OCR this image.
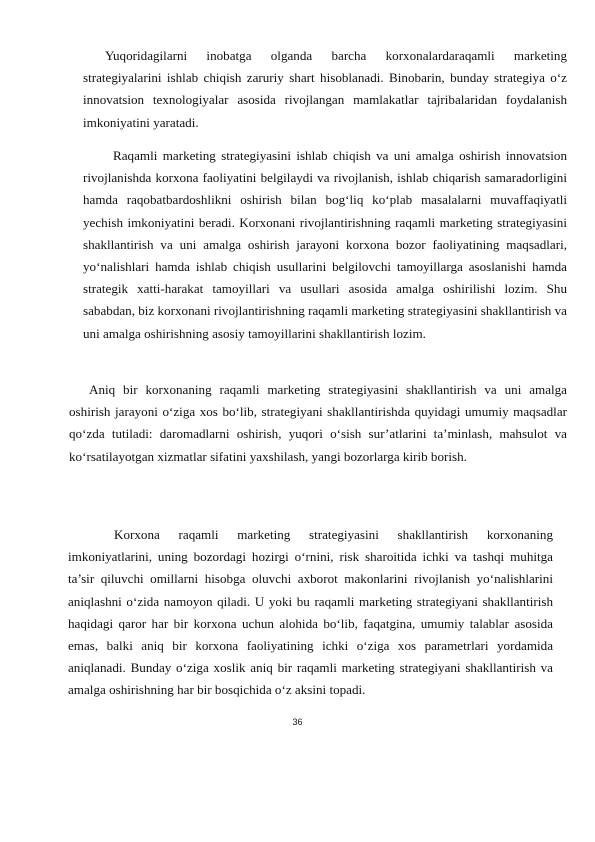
Yuqoridagilarni inobatga olganda barcha korxonalardaraqamli marketing strategiyalarini ishlab chiqish zaruriy shart hisoblanadi. Binobarin, bunday strategiya o‘z innovatsion texnologiyalar asosida rivojlangan mamlakatlar tajribalaridan foydalanish imkoniyatini yaratadi.

Raqamli marketing strategiyasini ishlab chiqish va uni amalga oshirish innovatsion rivojlanishda korxona faoliyatini belgilaydi va rivojlanish, ishlab chiqarish samaradorligini hamda raqobatbardoshlikni oshirish bilan bog‘liq ko‘plab masalalarni muvaffaqiyatli yechish imkoniyatini beradi. Korxonani rivojlantirishning raqamli marketing strategiyasini shakllantirish va uni amalga oshirish jarayoni korxona bozor faoliyatining maqsadlari, yo‘nalishlari hamda ishlab chiqish usullarini belgilovchi tamoyillarga asoslanishi hamda strategik xatti-harakat tamoyillari va usullari asosida amalga oshirilishi lozim. Shu sababdan, biz korxonani rivojlantirishning raqamli marketing strategiyasini shakllantirish va uni amalga oshirishning asosiy tamoyillarini shakllantirish lozim.

Aniq bir korxonaning raqamli marketing strategiyasini shakllantirish va uni amalga oshirish jarayoni o‘ziga xos bo‘lib, strategiyani shakllantirishda quyidagi umumiy maqsadlar qo‘zda tutiladi: daromadlarni oshirish, yuqori o‘sish sur’atlarini ta’minlash, mahsulot va ko‘rsatilayotgan xizmatlar sifatini yaxshilash, yangi bozorlarga kirib borish.

Korxona raqamli marketing strategiyasini shakllantirish korxonaning imkoniyatlarini, uning bozordagi hozirgi o‘rnini, risk sharoitida ichki va tashqi muhitga ta’sir qiluvchi omillarni hisobga oluvchi axborot makonlarini rivojlanish yo‘nalishlarini aniqlashni o‘zida namoyon qiladi. U yoki bu raqamli marketing strategiyani shakllantirish haqidagi qaror har bir korxona uchun alohida bo‘lib, faqatgina, umumiy talablar asosida emas, balki aniq bir korxona faoliyatining ichki o‘ziga xos parametrlari yordamida aniqlanadi. Bunday o‘ziga xoslik aniq bir raqamli marketing strategiyani shakllantirish va amalga oshirishning har bir bosqichida o‘z aksini topadi.

36
